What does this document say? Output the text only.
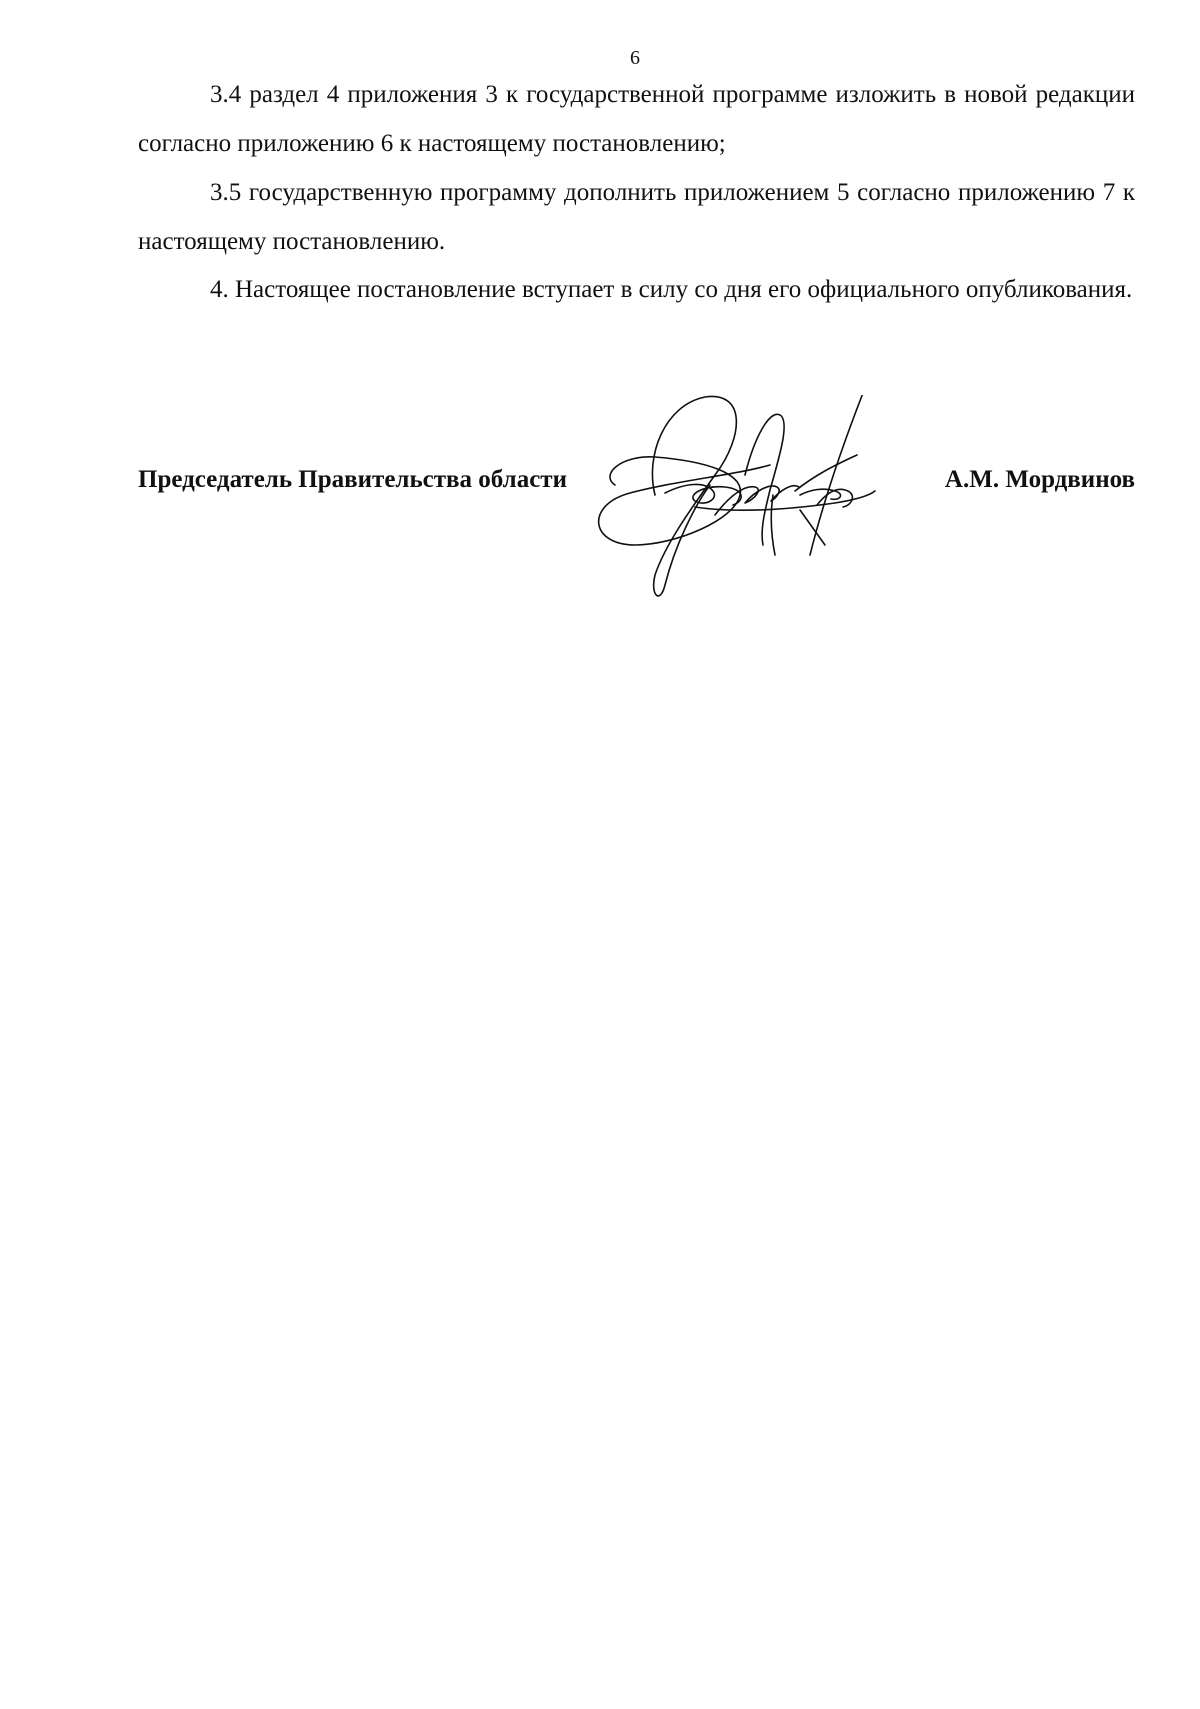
6

3.4 раздел 4 приложения 3 к государственной программе изложить в новой редакции согласно приложению 6 к настоящему постановлению;

3.5 государственную программу дополнить приложением 5 согласно приложению 7 к настоящему постановлению.

4. Настоящее постановление вступает в силу со дня его официального опубликования.

Председатель Правительства области	А.М. Мордвинов
